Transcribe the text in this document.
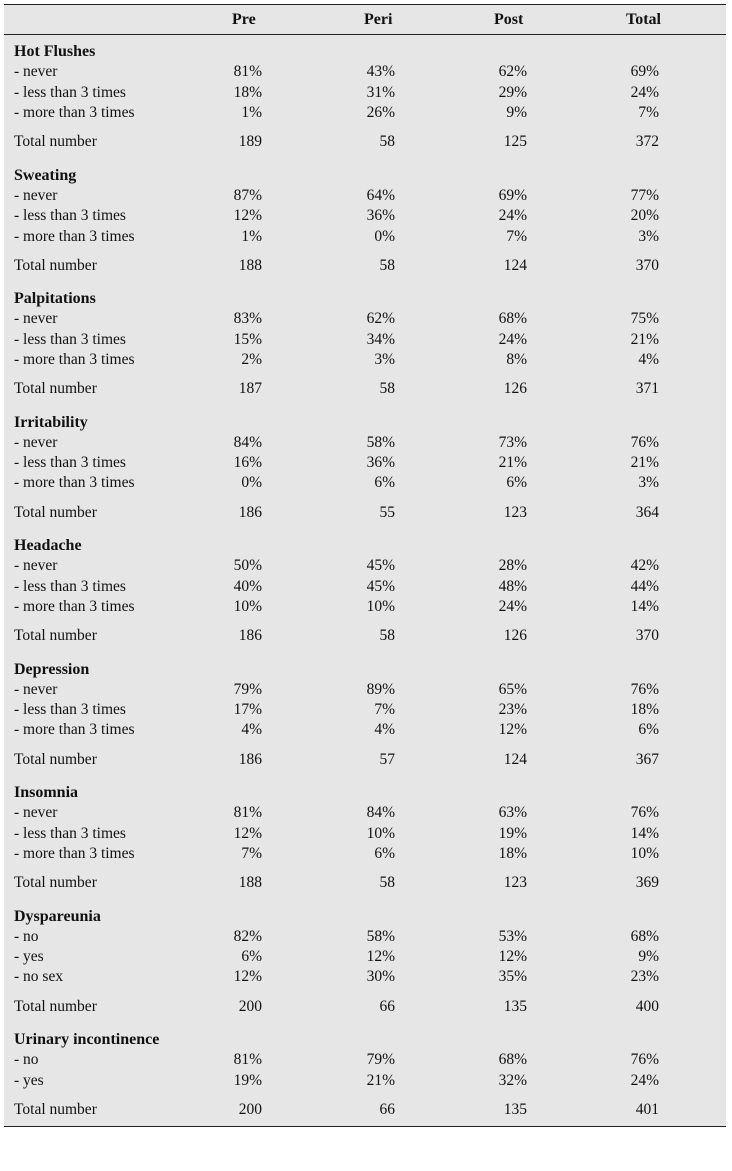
Pre	Peri	Post	Total
Hot Flushes
- never	81%	43%	62%	69%
- less than 3 times	18%	31%	29%	24%
- more than 3 times	1%	26%	9%	7%
Total number	189	58	125	372
Sweating
- never	87%	64%	69%	77%
- less than 3 times	12%	36%	24%	20%
- more than 3 times	1%	0%	7%	3%
Total number	188	58	124	370
Palpitations
- never	83%	62%	68%	75%
- less than 3 times	15%	34%	24%	21%
- more than 3 times	2%	3%	8%	4%
Total number	187	58	126	371
Irritability
- never	84%	58%	73%	76%
- less than 3 times	16%	36%	21%	21%
- more than 3 times	0%	6%	6%	3%
Total number	186	55	123	364
Headache
- never	50%	45%	28%	42%
- less than 3 times	40%	45%	48%	44%
- more than 3 times	10%	10%	24%	14%
Total number	186	58	126	370
Depression
- never	79%	89%	65%	76%
- less than 3 times	17%	7%	23%	18%
- more than 3 times	4%	4%	12%	6%
Total number	186	57	124	367
Insomnia
- never	81%	84%	63%	76%
- less than 3 times	12%	10%	19%	14%
- more than 3 times	7%	6%	18%	10%
Total number	188	58	123	369
Dyspareunia
- no	82%	58%	53%	68%
- yes	6%	12%	12%	9%
- no sex	12%	30%	35%	23%
Total number	200	66	135	400
Urinary incontinence
- no	81%	79%	68%	76%
- yes	19%	21%	32%	24%
Total number	200	66	135	401
